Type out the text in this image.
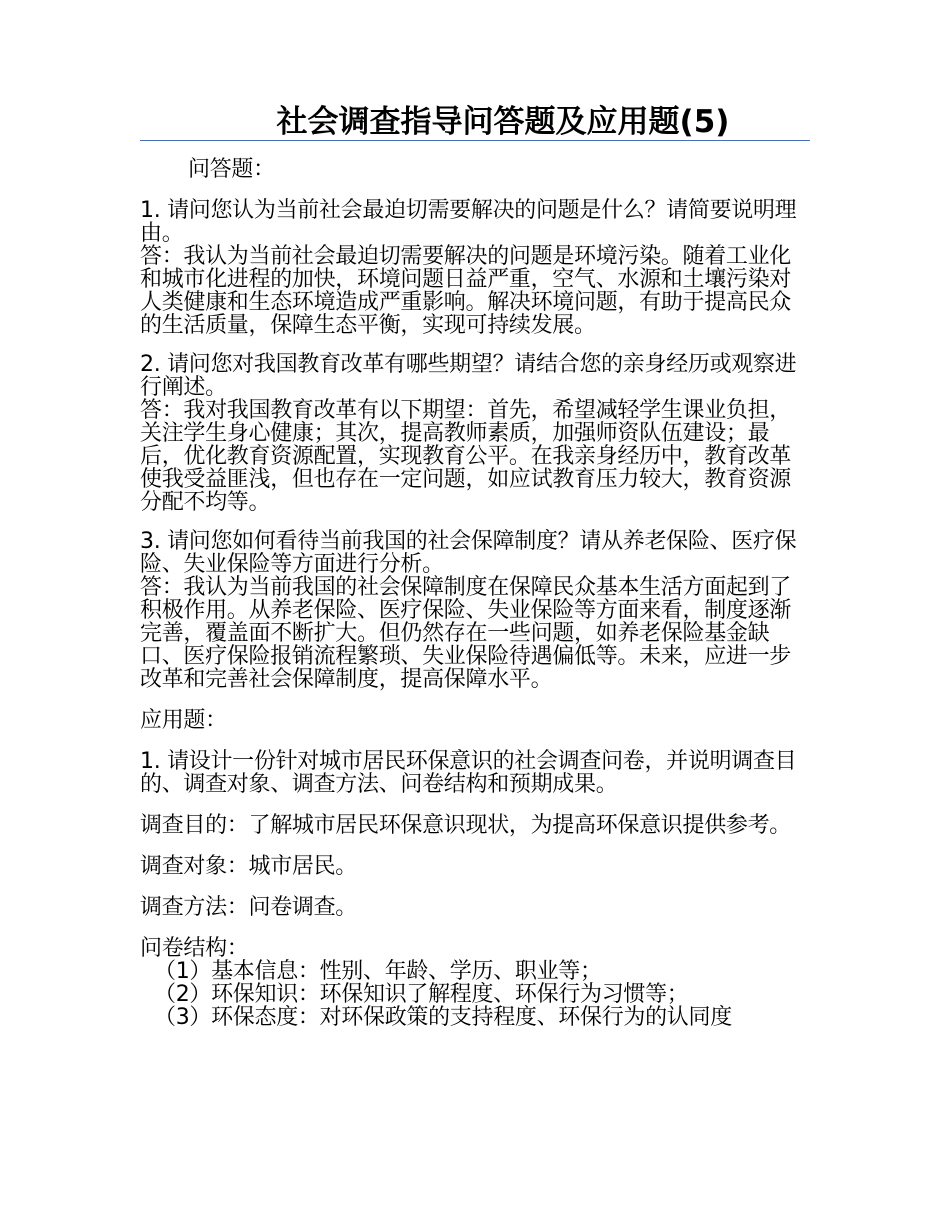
社会调查指导问答题及应用题(5)

问答题：

1. 请问您认为当前社会最迫切需要解决的问题是什么？请简要说明理由。

答：我认为当前社会最迫切需要解决的问题是环境污染。随着工业化和城市化进程的加快，环境问题日益严重，空气、水源和土壤污染对人类健康和生态环境造成严重影响。解决环境问题，有助于提高民众的生活质量，保障生态平衡，实现可持续发展。

2. 请问您对我国教育改革有哪些期望？请结合您的亲身经历或观察进行阐述。

答：我对我国教育改革有以下期望：首先，希望减轻学生课业负担，关注学生身心健康；其次，提高教师素质，加强师资队伍建设；最后，优化教育资源配置，实现教育公平。在我亲身经历中，教育改革使我受益匪浅，但也存在一定问题，如应试教育压力较大，教育资源分配不均等。

3. 请问您如何看待当前我国的社会保障制度？请从养老保险、医疗保险、失业保险等方面进行分析。

答：我认为当前我国的社会保障制度在保障民众基本生活方面起到了积极作用。从养老保险、医疗保险、失业保险等方面来看，制度逐渐完善，覆盖面不断扩大。但仍然存在一些问题，如养老保险基金缺口、医疗保险报销流程繁琐、失业保险待遇偏低等。未来，应进一步改革和完善社会保障制度，提高保障水平。

应用题：

1. 请设计一份针对城市居民环保意识的社会调查问卷，并说明调查目的、调查对象、调查方法、问卷结构和预期成果。

调查目的：了解城市居民环保意识现状，为提高环保意识提供参考。

调查对象：城市居民。

调查方法：问卷调查。

问卷结构：

（1）基本信息：性别、年龄、学历、职业等；

（2）环保知识：环保知识了解程度、环保行为习惯等；

（3）环保态度：对环保政策的支持程度、环保行为的认同度
